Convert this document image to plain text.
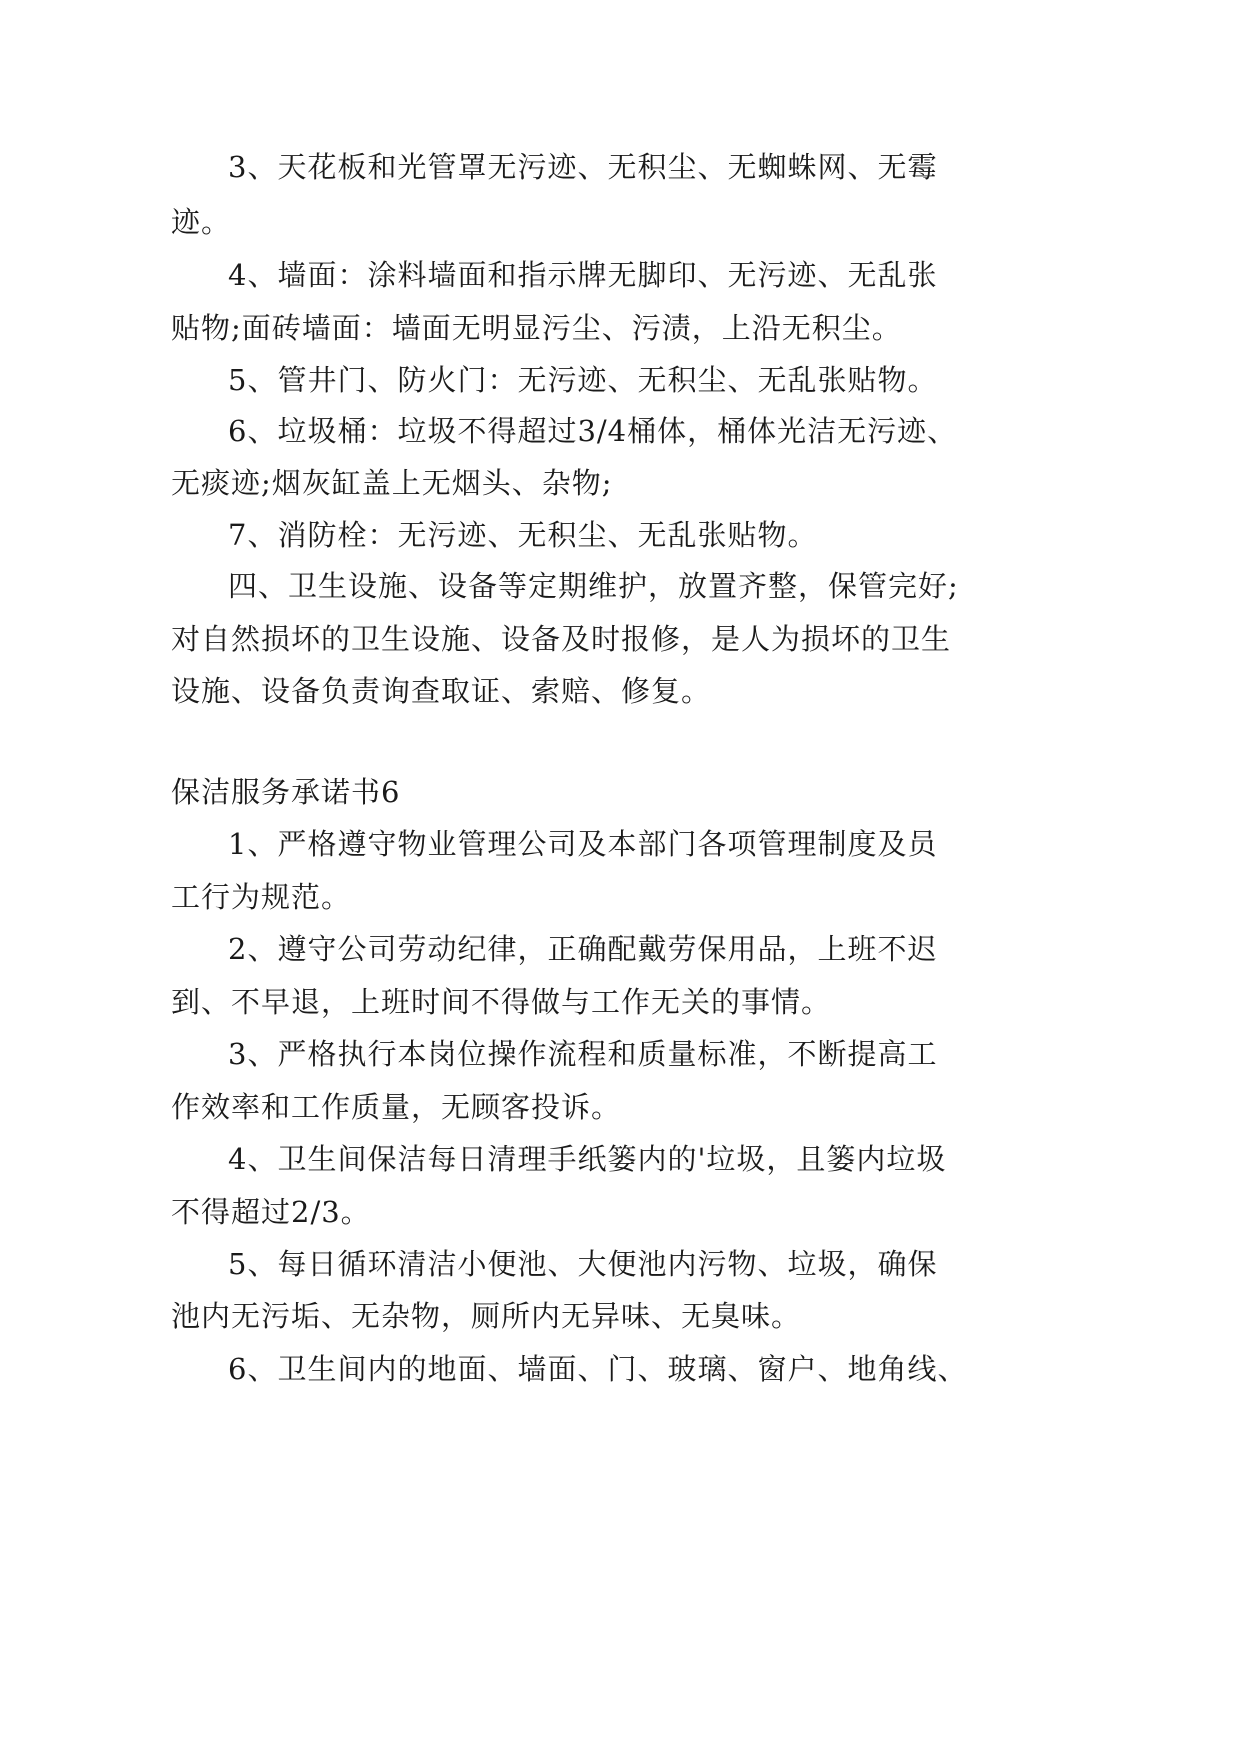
3、天花板和光管罩无污迹、无积尘、无蜘蛛网、无霉
迹。
4、墙面：涂料墙面和指示牌无脚印、无污迹、无乱张
贴物;面砖墙面：墙面无明显污尘、污渍，上沿无积尘。
5、管井门、防火门：无污迹、无积尘、无乱张贴物。
6、垃圾桶：垃圾不得超过3/4桶体，桶体光洁无污迹、
无痰迹;烟灰缸盖上无烟头、杂物;
7、消防栓：无污迹、无积尘、无乱张贴物。
四、卫生设施、设备等定期维护，放置齐整，保管完好;
对自然损坏的卫生设施、设备及时报修，是人为损坏的卫生
设施、设备负责询查取证、索赔、修复。
保洁服务承诺书6
1、严格遵守物业管理公司及本部门各项管理制度及员
工行为规范。
2、遵守公司劳动纪律，正确配戴劳保用品，上班不迟
到、不早退，上班时间不得做与工作无关的事情。
3、严格执行本岗位操作流程和质量标准，不断提高工
作效率和工作质量，无顾客投诉。
4、卫生间保洁每日清理手纸篓内的'垃圾，且篓内垃圾
不得超过2/3。
5、每日循环清洁小便池、大便池内污物、垃圾，确保
池内无污垢、无杂物，厕所内无异味、无臭味。
6、卫生间内的地面、墙面、门、玻璃、窗户、地角线、
